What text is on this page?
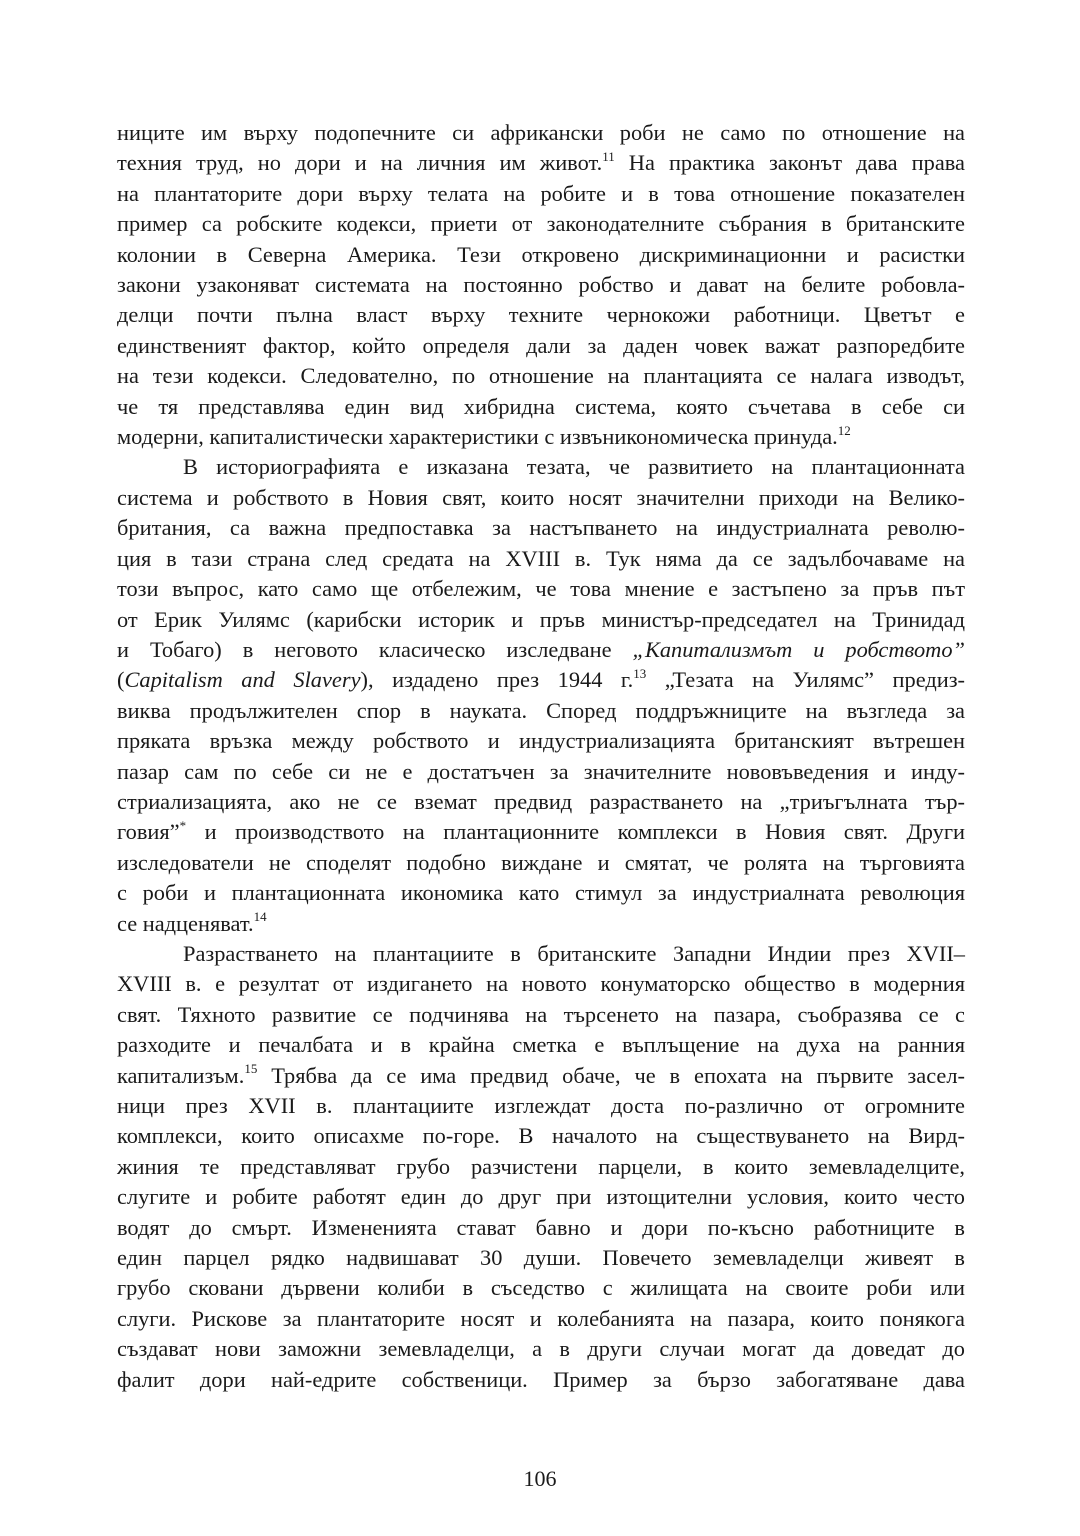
ниците им върху подопечните си африкански роби не само по отношение на
техния труд, но дори и на личния им живот.$^{11}$ На практика законът дава права
на плантаторите дори върху телата на робите и в това отношение показателен
пример са робските кодекси, приети от законодателните събрания в британските
колонии в Северна Америка. Тези откровено дискриминационни и расистки
закони узаконяват системата на постоянно робство и дават на белите робовла-
делци почти пълна власт върху техните чернокожи работници. Цветът е
единственият фактор, който определя дали за даден човек важат разпоредбите
на тези кодекси. Следователно, по отношение на плантацията се налага изводът,
че тя представлява един вид хибридна система, която съчетава в себе си
модерни, капиталистически характеристики с извъникономическа принуда.$^{12}$
В историографията е изказана тезата, че развитието на плантационната
система и робството в Новия свят, които носят значителни приходи на Велико-
британия, са важна предпоставка за настъпването на индустриалната револю-
ция в тази страна след средата на XVIII в. Тук няма да се задълбочаваме на
този въпрос, като само ще отбележим, че това мнение е застъпено за пръв път
от Ерик Уилямс (карибски историк и пръв министър-председател на Тринидад
и Тобаго) в неговото класическо изследване „Капитализмът и робството”
(Capitalism and Slavery), издадено през 1944 г.$^{13}$ „Тезата на Уилямс” предиз-
виква продължителен спор в науката. Според поддръжниците на възгледа за
пряката връзка между робството и индустриализацията британският вътрешен
пазар сам по себе си не е достатъчен за значителните нововъведения и инду-
стриализацията, ако не се вземат предвид разрастването на „триъгълната тър-
говия”* и производството на плантационните комплекси в Новия свят. Други
изследователи не споделят подобно виждане и смятат, че ролята на търговията
с роби и плантационната икономика като стимул за индустриалната революция
се надценяват.$^{14}$
Разрастването на плантациите в британските Западни Индии през XVII–
XVIII в. е резултат от издигането на новото конуматорско общество в модерния
свят. Тяхното развитие се подчинява на търсенето на пазара, съобразява се с
разходите и печалбата и в крайна сметка е въплъщение на духа на ранния
капитализъм.$^{15}$ Трябва да се има предвид обаче, че в епохата на първите засел-
ници през XVII в. плантациите изглеждат доста по-различно от огромните
комплекси, които описахме по-горе. В началото на съществуването на Вирд-
жиния те представляват грубо разчистени парцели, в които земевладелците,
слугите и робите работят един до друг при изтощителни условия, които често
водят до смърт. Измененията стават бавно и дори по-късно работниците в
един парцел рядко надвишават 30 души. Повечето земевладелци живеят в
грубо сковани дървени колиби в съседство с жилищата на своите роби или
слуги. Рискове за плантаторите носят и колебанията на пазара, които понякога
създават нови заможни земевладелци, а в други случаи могат да доведат до
фалит дори най-едрите собственици. Пример за бързо забогатяване дава
106
